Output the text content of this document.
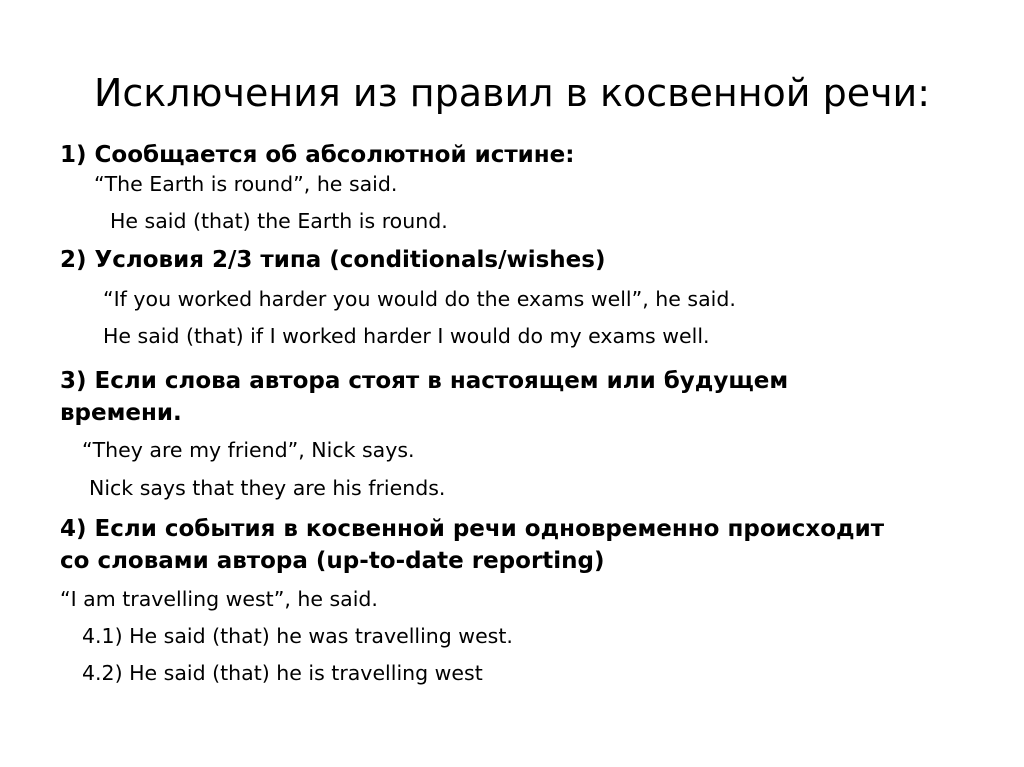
Исключения из правил в косвенной речи:
1) Сообщается об абсолютной истине:
“The Earth is round”, he said.
He said (that) the Earth is round.
2) Условия 2/3 типа (conditionals/wishes)
“If you worked harder you would do the exams well”, he said.
He said (that) if I worked harder I would do my exams well.
3) Если слова автора стоят в настоящем или будущем
времени.
“They are my friend”, Nick says.
Nick says that they are his friends.
4) Если события в косвенной речи одновременно происходит
со словами автора (up-to-date reporting)
“I am travelling west”, he said.
4.1) He said (that) he was travelling west.
4.2) He said (that) he is travelling west
